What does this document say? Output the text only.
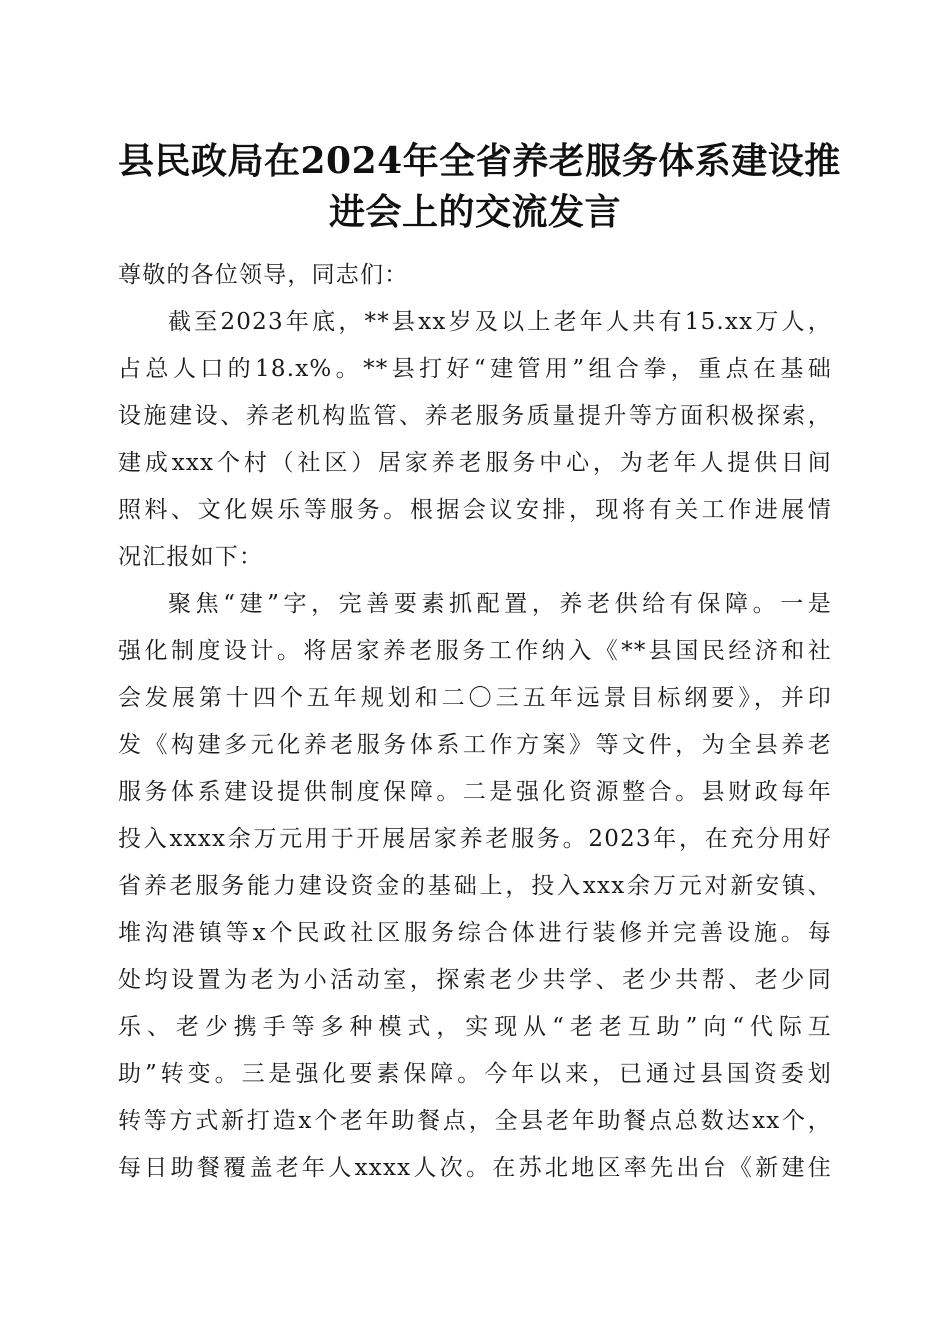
县民政局在2024年全省养老服务体系建设推
进会上的交流发言
尊敬的各位领导，同志们：
截至2023年底，**县xx岁及以上老年人共有15.xx万人，
占总人口的18.x%。**县打好“建管用”组合拳，重点在基础
设施建设、养老机构监管、养老服务质量提升等方面积极探索，
建成xxx个村（社区）居家养老服务中心，为老年人提供日间
照料、文化娱乐等服务。根据会议安排，现将有关工作进展情
况汇报如下：
聚焦“建”字，完善要素抓配置，养老供给有保障。一是
强化制度设计。将居家养老服务工作纳入《**县国民经济和社
会发展第十四个五年规划和二〇三五年远景目标纲要》，并印
发《构建多元化养老服务体系工作方案》等文件，为全县养老
服务体系建设提供制度保障。二是强化资源整合。县财政每年
投入xxxx余万元用于开展居家养老服务。2023年，在充分用好
省养老服务能力建设资金的基础上，投入xxx余万元对新安镇、
堆沟港镇等x个民政社区服务综合体进行装修并完善设施。每
处均设置为老为小活动室，探索老少共学、老少共帮、老少同
乐、老少携手等多种模式，实现从“老老互助”向“代际互
助”转变。三是强化要素保障。今年以来，已通过县国资委划
转等方式新打造x个老年助餐点，全县老年助餐点总数达xx个，
每日助餐覆盖老年人xxxx人次。在苏北地区率先出台《新建住
